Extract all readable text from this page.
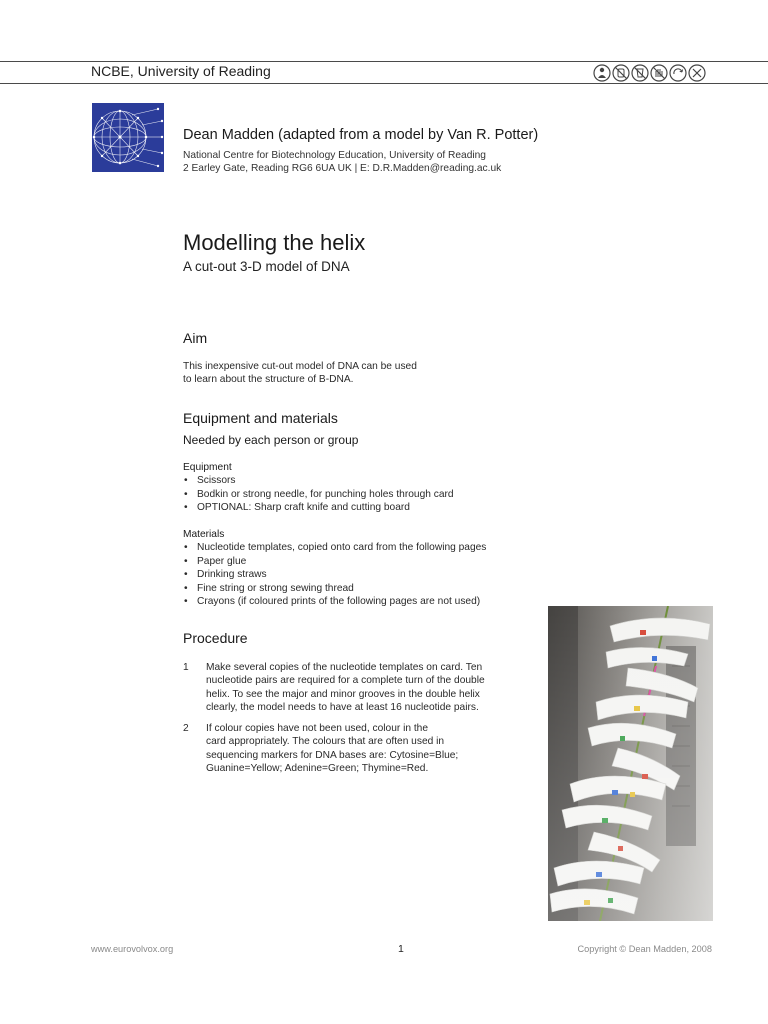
NCBE, University of Reading
Dean Madden (adapted from a model by Van R. Potter)
National Centre for Biotechnology Education, University of Reading
2 Earley Gate, Reading RG6 6UA UK | E: D.R.Madden@reading.ac.uk
Modelling the helix
A cut-out 3-D model of DNA
Aim
This inexpensive cut-out model of DNA can be used
to learn about the structure of B-DNA.
Equipment and materials
Needed by each person or group
Equipment
• Scissors
• Bodkin or strong needle, for punching holes through card
• OPTIONAL: Sharp craft knife and cutting board
Materials
• Nucleotide templates, copied onto card from the following pages
• Paper glue
• Drinking straws
• Fine string or strong sewing thread
• Crayons (if coloured prints of the following pages are not used)
Procedure
1 Make several copies of the nucleotide templates on card. Ten
nucleotide pairs are required for a complete turn of the double
helix. To see the major and minor grooves in the double helix
clearly, the model needs to have at least 16 nucleotide pairs.
2 If colour copies have not been used, colour in the
card appropriately. The colours that are often used in
sequencing markers for DNA bases are: Cytosine=Blue;
Guanine=Yellow; Adenine=Green; Thymine=Red.
www.eurovolvox.org	1	Copyright © Dean Madden, 2008
